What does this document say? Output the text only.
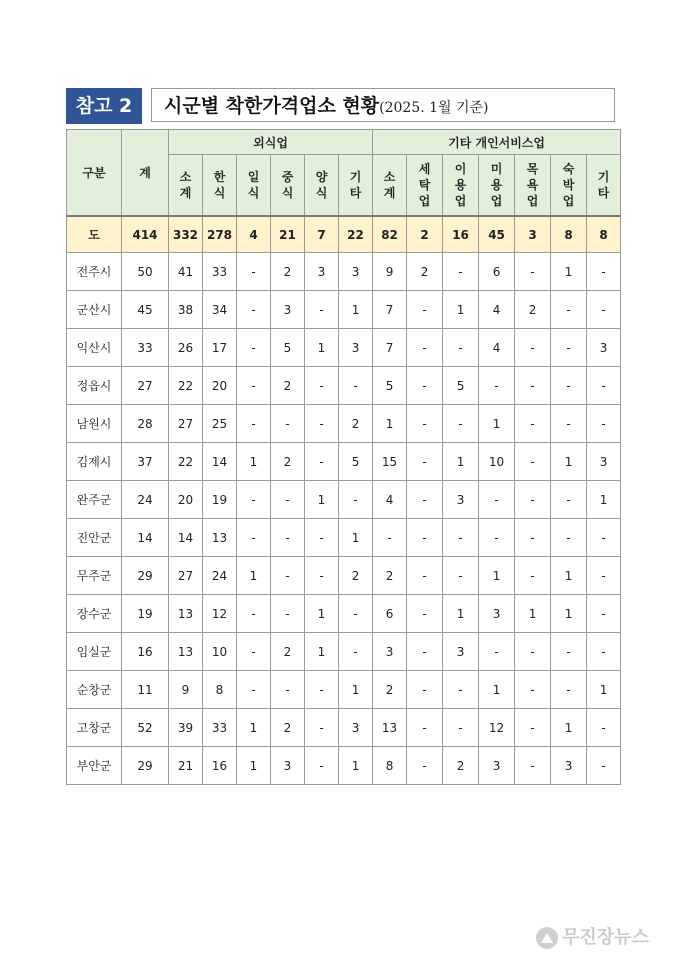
참고 2	시군별 착한가격업소 현황(2025. 1월 기준)
구분	계	외식업						기타 개인서비스업						
		소계	한식	일식	중식	양식	기타	소계	세탁업	이용업	미용업	목욕업	숙박업	기타
도	414	332	278	4	21	7	22	82	2	16	45	3	8	8
전주시	50	41	33	-	2	3	3	9	2	-	6	-	1	-
군산시	45	38	34	-	3	-	1	7	-	1	4	2	-	-
익산시	33	26	17	-	5	1	3	7	-	-	4	-	-	3
정읍시	27	22	20	-	2	-	-	5	-	5	-	-	-	-
남원시	28	27	25	-	-	-	2	1	-	-	1	-	-	-
김제시	37	22	14	1	2	-	5	15	-	1	10	-	1	3
완주군	24	20	19	-	-	1	-	4	-	3	-	-	-	1
진안군	14	14	13	-	-	-	1	-	-	-	-	-	-	-
무주군	29	27	24	1	-	-	2	2	-	-	1	-	1	-
장수군	19	13	12	-	-	1	-	6	-	1	3	1	1	-
임실군	16	13	10	-	2	1	-	3	-	3	-	-	-	-
순창군	11	9	8	-	-	-	1	2	-	-	1	-	-	1
고창군	52	39	33	1	2	-	3	13	-	-	12	-	1	-
부안군	29	21	16	1	3	-	1	8	-	2	3	-	3	-
무진장뉴스
